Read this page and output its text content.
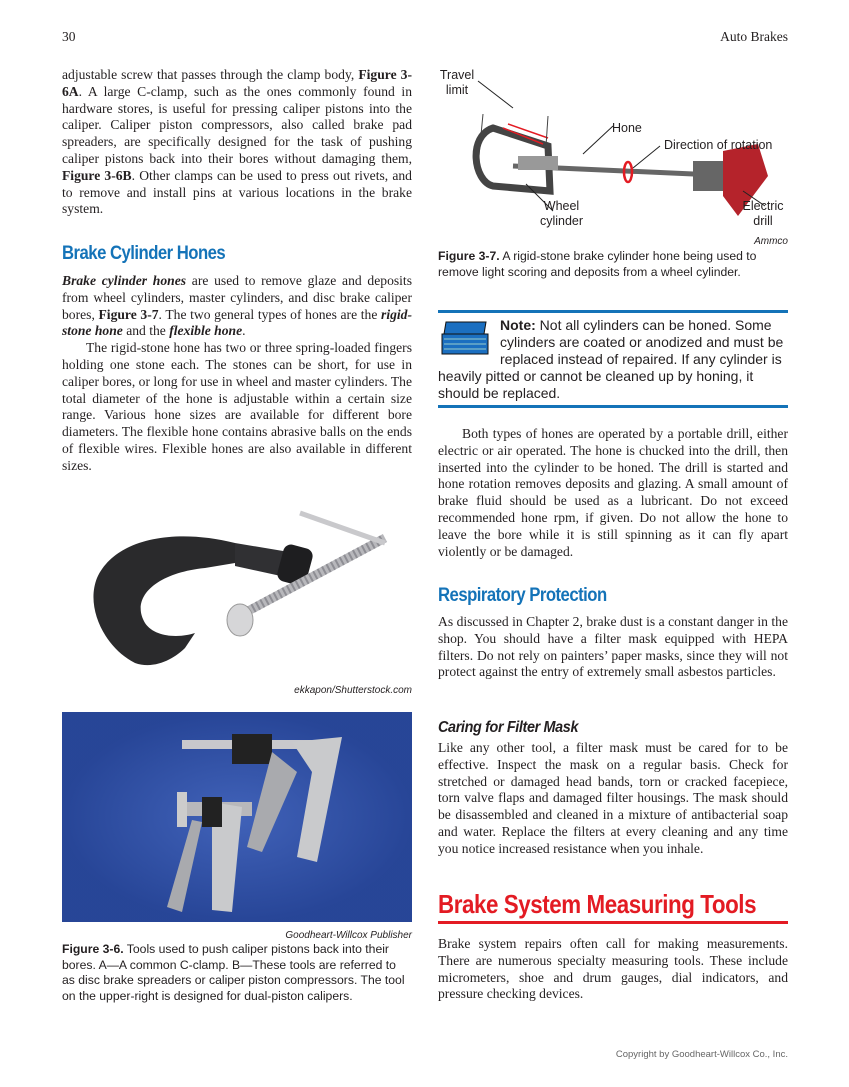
30	Auto Brakes

adjustable screw that passes through the clamp body, Figure 3-6A. A large C-clamp, such as the ones commonly found in hardware stores, is useful for pressing caliper pistons into the caliper. Caliper piston compressors, also called brake pad spreaders, are specifically designed for the task of pushing caliper pistons back into their bores without damaging them, Figure 3-6B. Other clamps can be used to press out rivets, and to remove and install pins at various locations in the brake system.

Brake Cylinder Hones

Brake cylinder hones are used to remove glaze and deposits from wheel cylinders, master cylinders, and disc brake caliper bores, Figure 3-7. The two general types of hones are the rigid-stone hone and the flexible hone.

The rigid-stone hone has two or three spring-loaded fingers holding one stone each. The stones can be short, for use in caliper bores, or long for use in wheel and master cylinders. The total diameter of the hone is adjustable within a certain size range. Various hone sizes are available for different bore diameters. The flexible hone contains abrasive balls on the ends of flexible wires. Flexible hones are also available in different sizes.

ekkapon/Shutterstock.com
Goodheart-Willcox Publisher
Figure 3-6. Tools used to push caliper pistons back into their bores. A—A common C-clamp. B—These tools are referred to as disc brake spreaders or caliper piston compressors. The tool on the upper-right is designed for dual-piston calipers.
Travel limit
Hone
Direction of rotation
Wheel cylinder
Electric drill
Ammco
Figure 3-7. A rigid-stone brake cylinder hone being used to remove light scoring and deposits from a wheel cylinder.
Note: Not all cylinders can be honed. Some cylinders are coated or anodized and must be replaced instead of repaired. If any cylinder is heavily pitted or cannot be cleaned up by honing, it should be replaced.

Both types of hones are operated by a portable drill, either electric or air operated. The hone is chucked into the drill, then inserted into the cylinder to be honed. The drill is started and hone rotation removes deposits and glazing. A small amount of brake fluid should be used as a lubricant. Do not exceed recommended hone rpm, if given. Do not allow the hone to leave the bore while it is still spinning as it can fly apart violently or be damaged.

Respiratory Protection

As discussed in Chapter 2, brake dust is a constant danger in the shop. You should have a filter mask equipped with HEPA filters. Do not rely on painters’ paper masks, since they will not protect against the entry of extremely small asbestos particles.

Caring for Filter Mask

Like any other tool, a filter mask must be cared for to be effective. Inspect the mask on a regular basis. Check for stretched or damaged head bands, torn or cracked facepiece, torn valve flaps and damaged filter housings. The mask should be disassembled and cleaned in a mixture of antibacterial soap and water. Replace the filters at every cleaning and any time you notice increased resistance when you inhale.

Brake System Measuring Tools

Brake system repairs often call for making measurements. There are numerous specialty measuring tools. These include micrometers, shoe and drum gauges, dial indicators, and pressure checking devices.

Copyright by Goodheart-Willcox Co., Inc.
